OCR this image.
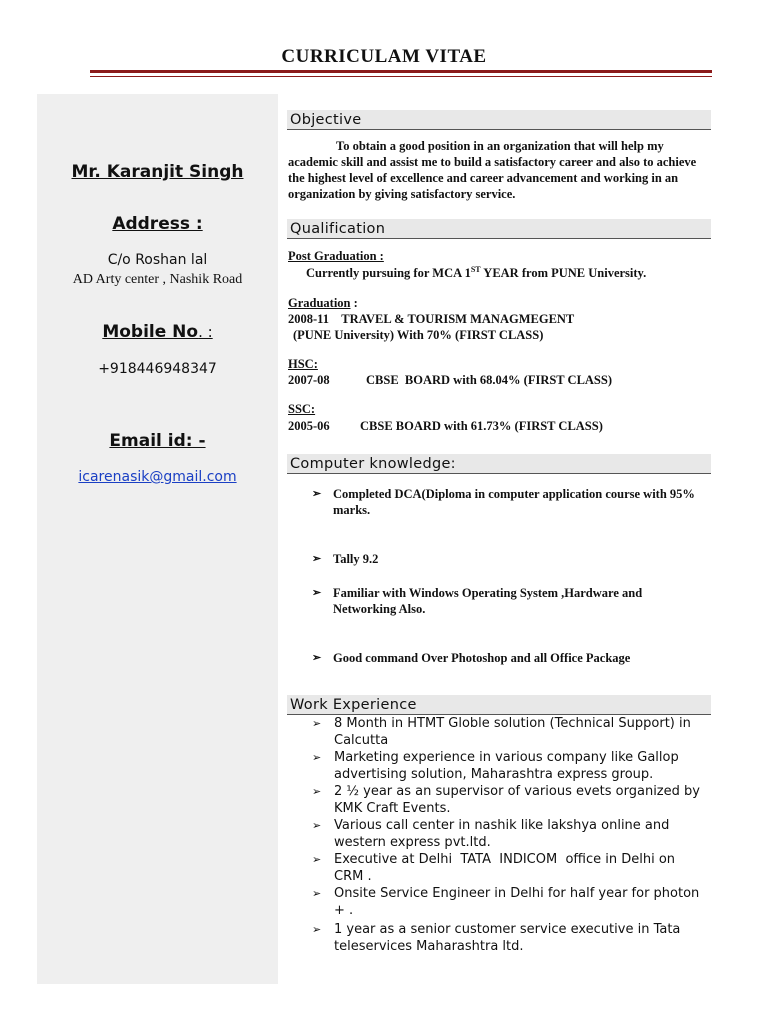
CURRICULAM VITAE
Mr. Karanjit Singh
Address :
C/o Roshan lal
AD Arty center , Nashik Road
Mobile No. :
+918446948347
Email id: -
icarenasik@gmail.com
Objective
To obtain a good position in an organization that will help my academic skill and assist me to build a satisfactory career and also to achieve the highest level of excellence and career advancement and working in an organization by giving satisfactory service.
Qualification
Post Graduation :
Currently pursuing for MCA 1ST YEAR from PUNE University.
Graduation :
2008-11    TRAVEL & TOURISM MANAGMEGENT
(PUNE University) With 70% (FIRST CLASS)
HSC:
2007-08	CBSE  BOARD with 68.04% (FIRST CLASS)
SSC:
2005-06 CBSE BOARD with 61.73% (FIRST CLASS)
Computer knowledge:
➢ Completed DCA(Diploma in computer application course with 95% marks.
➢ Tally 9.2
➢ Familiar with Windows Operating System ,Hardware and Networking Also.
➢ Good command Over Photoshop and all Office Package
Work Experience
➢ 8 Month in HTMT Globle solution (Technical Support) in Calcutta
➢ Marketing experience in various company like Gallop advertising solution, Maharashtra express group.
➢ 2 ½ year as an supervisor of various evets organized by KMK Craft Events.
➢ Various call center in nashik like lakshya online and western express pvt.ltd.
➢ Executive at Delhi  TATA  INDICOM  office in Delhi on CRM .
➢ Onsite Service Engineer in Delhi for half year for photon + .
➢ 1 year as a senior customer service executive in Tata teleservices Maharashtra ltd.
